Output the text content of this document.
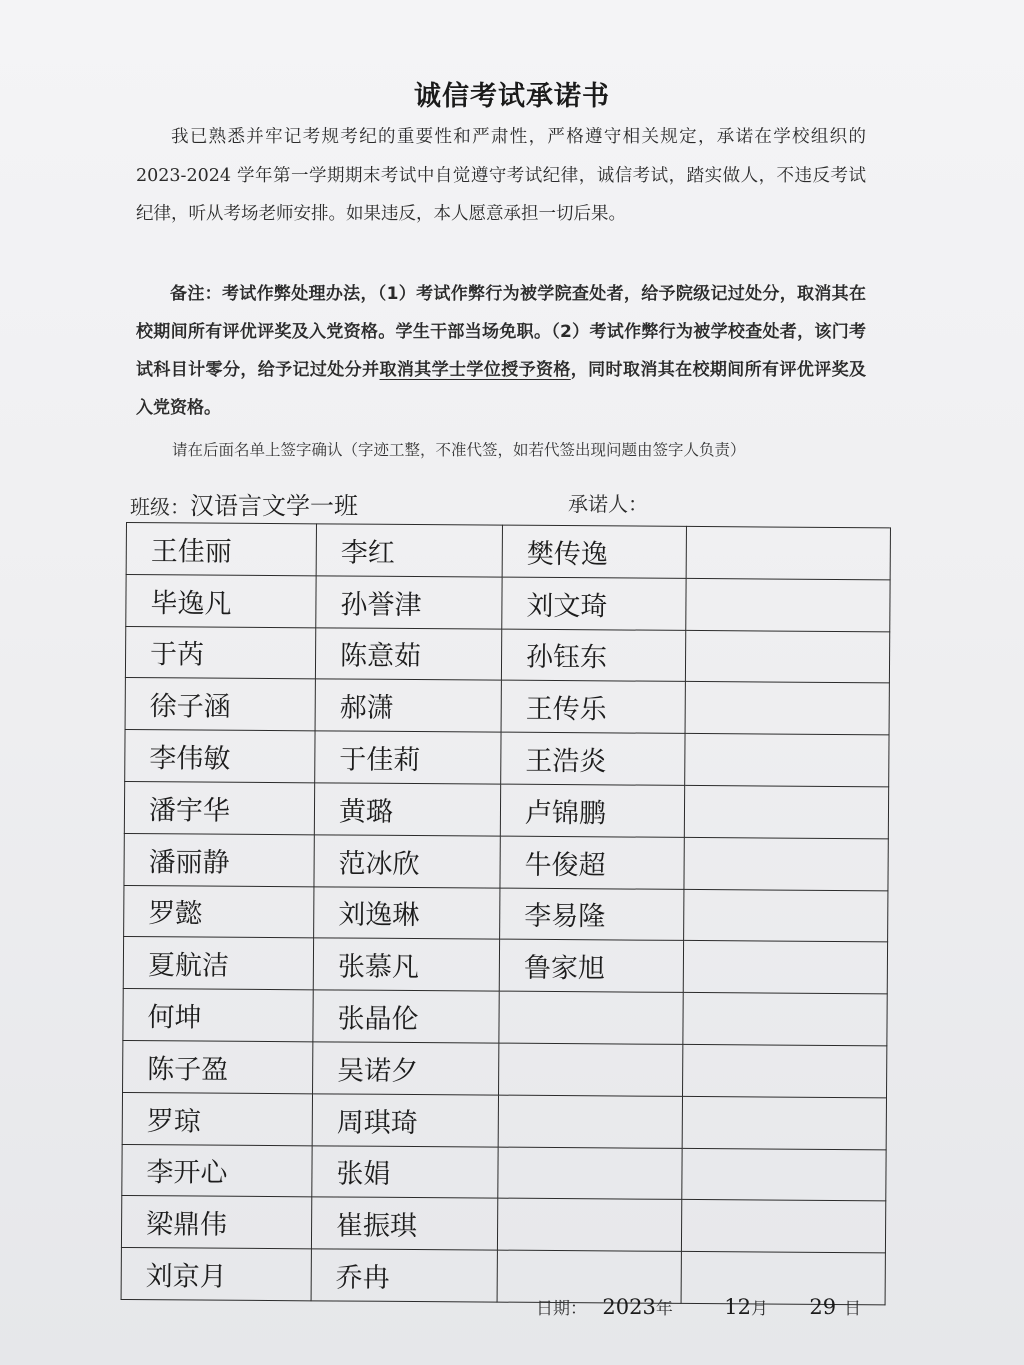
诚信考试承诺书
我已熟悉并牢记考规考纪的重要性和严肃性，严格遵守相关规定，承诺在学校组织的 2023-2024 学年第一学期期末考试中自觉遵守考试纪律，诚信考试，踏实做人，不违反考试纪律，听从考场老师安排。如果违反，本人愿意承担一切后果。
备注：考试作弊处理办法，（1）考试作弊行为被学院查处者，给予院级记过处分，取消其在校期间所有评优评奖及入党资格。学生干部当场免职。（2）考试作弊行为被学校查处者，该门考试科目计零分，给予记过处分并取消其学士学位授予资格，同时取消其在校期间所有评优评奖及入党资格。
请在后面名单上签字确认（字迹工整，不准代签，如若代签出现问题由签字人负责）
班级：汉语言文学一班	承诺人：
王佳丽	李红	樊传逸	
毕逸凡	孙誉津	刘文琦	
于芮	陈意茹	孙钰东	
徐子涵	郝潇	王传乐	
李伟敏	于佳莉	王浩炎	
潘宇华	黄璐	卢锦鹏	
潘丽静	范冰欣	牛俊超	
罗懿	刘逸琳	李易隆	
夏航洁	张慕凡	鲁家旭	
何坤	张晶伦		
陈子盈	吴诺夕		
罗琼	周琪琦		
李开心	张娟		
梁鼎伟	崔振琪		
刘京月	乔冉		
日期： 2023年 12月 29 日
